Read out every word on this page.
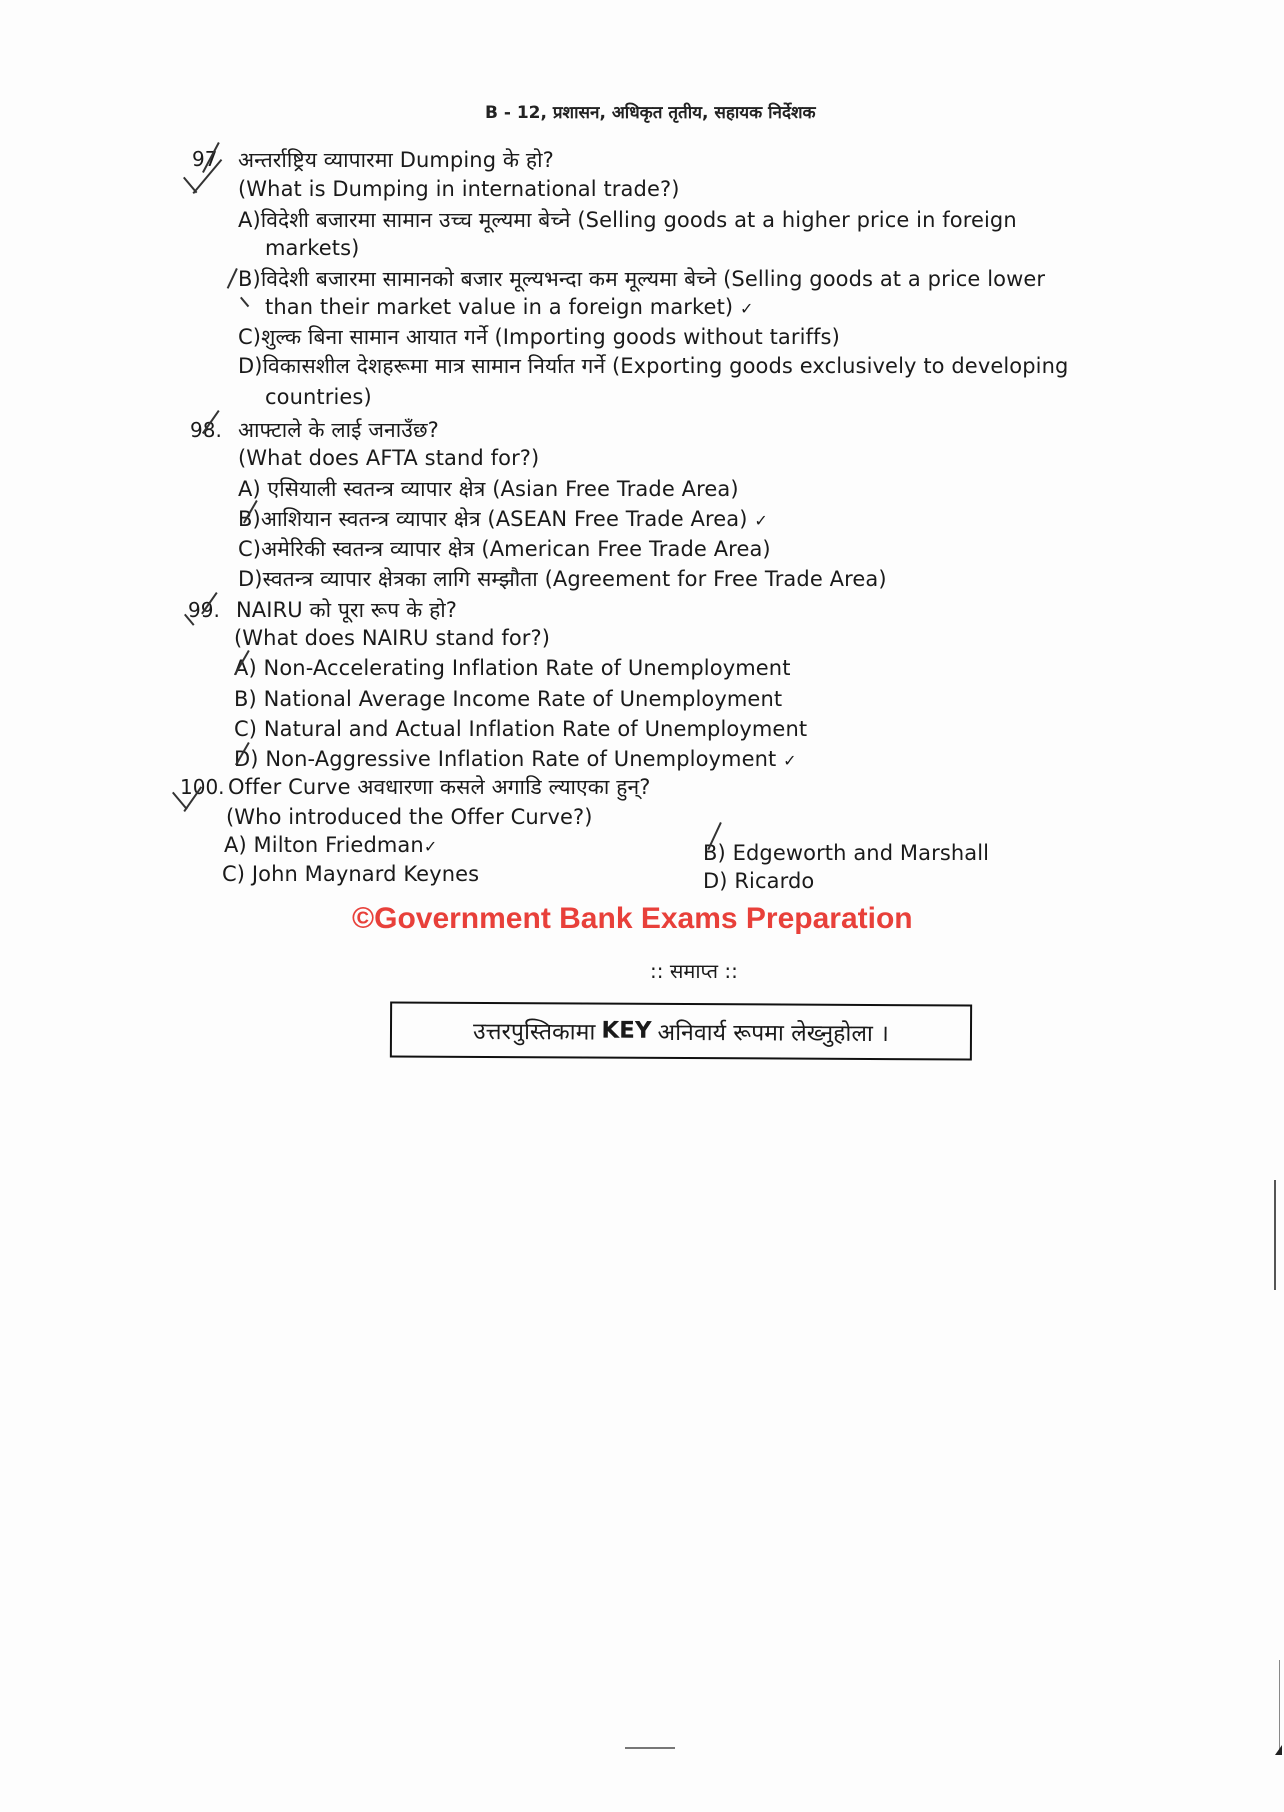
B - 12, प्रशासन, अधिकृत तृतीय, सहायक निर्देशक
97 अन्तर्राष्ट्रिय व्यापारमा Dumping के हो?
(What is Dumping in international trade?)
A)विदेशी बजारमा सामान उच्च मूल्यमा बेच्ने (Selling goods at a higher price in foreign
markets)
B)विदेशी बजारमा सामानको बजार मूल्यभन्दा कम मूल्यमा बेच्ने (Selling goods at a price lower
than their market value in a foreign market) ✓
C)शुल्क बिना सामान आयात गर्ने (Importing goods without tariffs)
D)विकासशील देशहरूमा मात्र सामान निर्यात गर्ने (Exporting goods exclusively to developing
countries)
98. आफ्टाले के लाई जनाउँछ?
(What does AFTA stand for?)
A) एसियाली स्वतन्त्र व्यापार क्षेत्र (Asian Free Trade Area)
B)आशियान स्वतन्त्र व्यापार क्षेत्र (ASEAN Free Trade Area) ✓
C)अमेरिकी स्वतन्त्र व्यापार क्षेत्र (American Free Trade Area)
D)स्वतन्त्र व्यापार क्षेत्रका लागि सम्झौता (Agreement for Free Trade Area)
99. NAIRU को पूरा रूप के हो?
(What does NAIRU stand for?)
A) Non-Accelerating Inflation Rate of Unemployment
B) National Average Income Rate of Unemployment
C) Natural and Actual Inflation Rate of Unemployment
D) Non-Aggressive Inflation Rate of Unemployment ✓
100. Offer Curve अवधारणा कसले अगाडि ल्याएका हुन्?
(Who introduced the Offer Curve?)
A) Milton Friedman✓	B) Edgeworth and Marshall
C) John Maynard Keynes	D) Ricardo
©Government Bank Exams Preparation
:: समाप्त ::
उत्तरपुस्तिकामा KEY अनिवार्य रूपमा लेख्नुहोला ।
